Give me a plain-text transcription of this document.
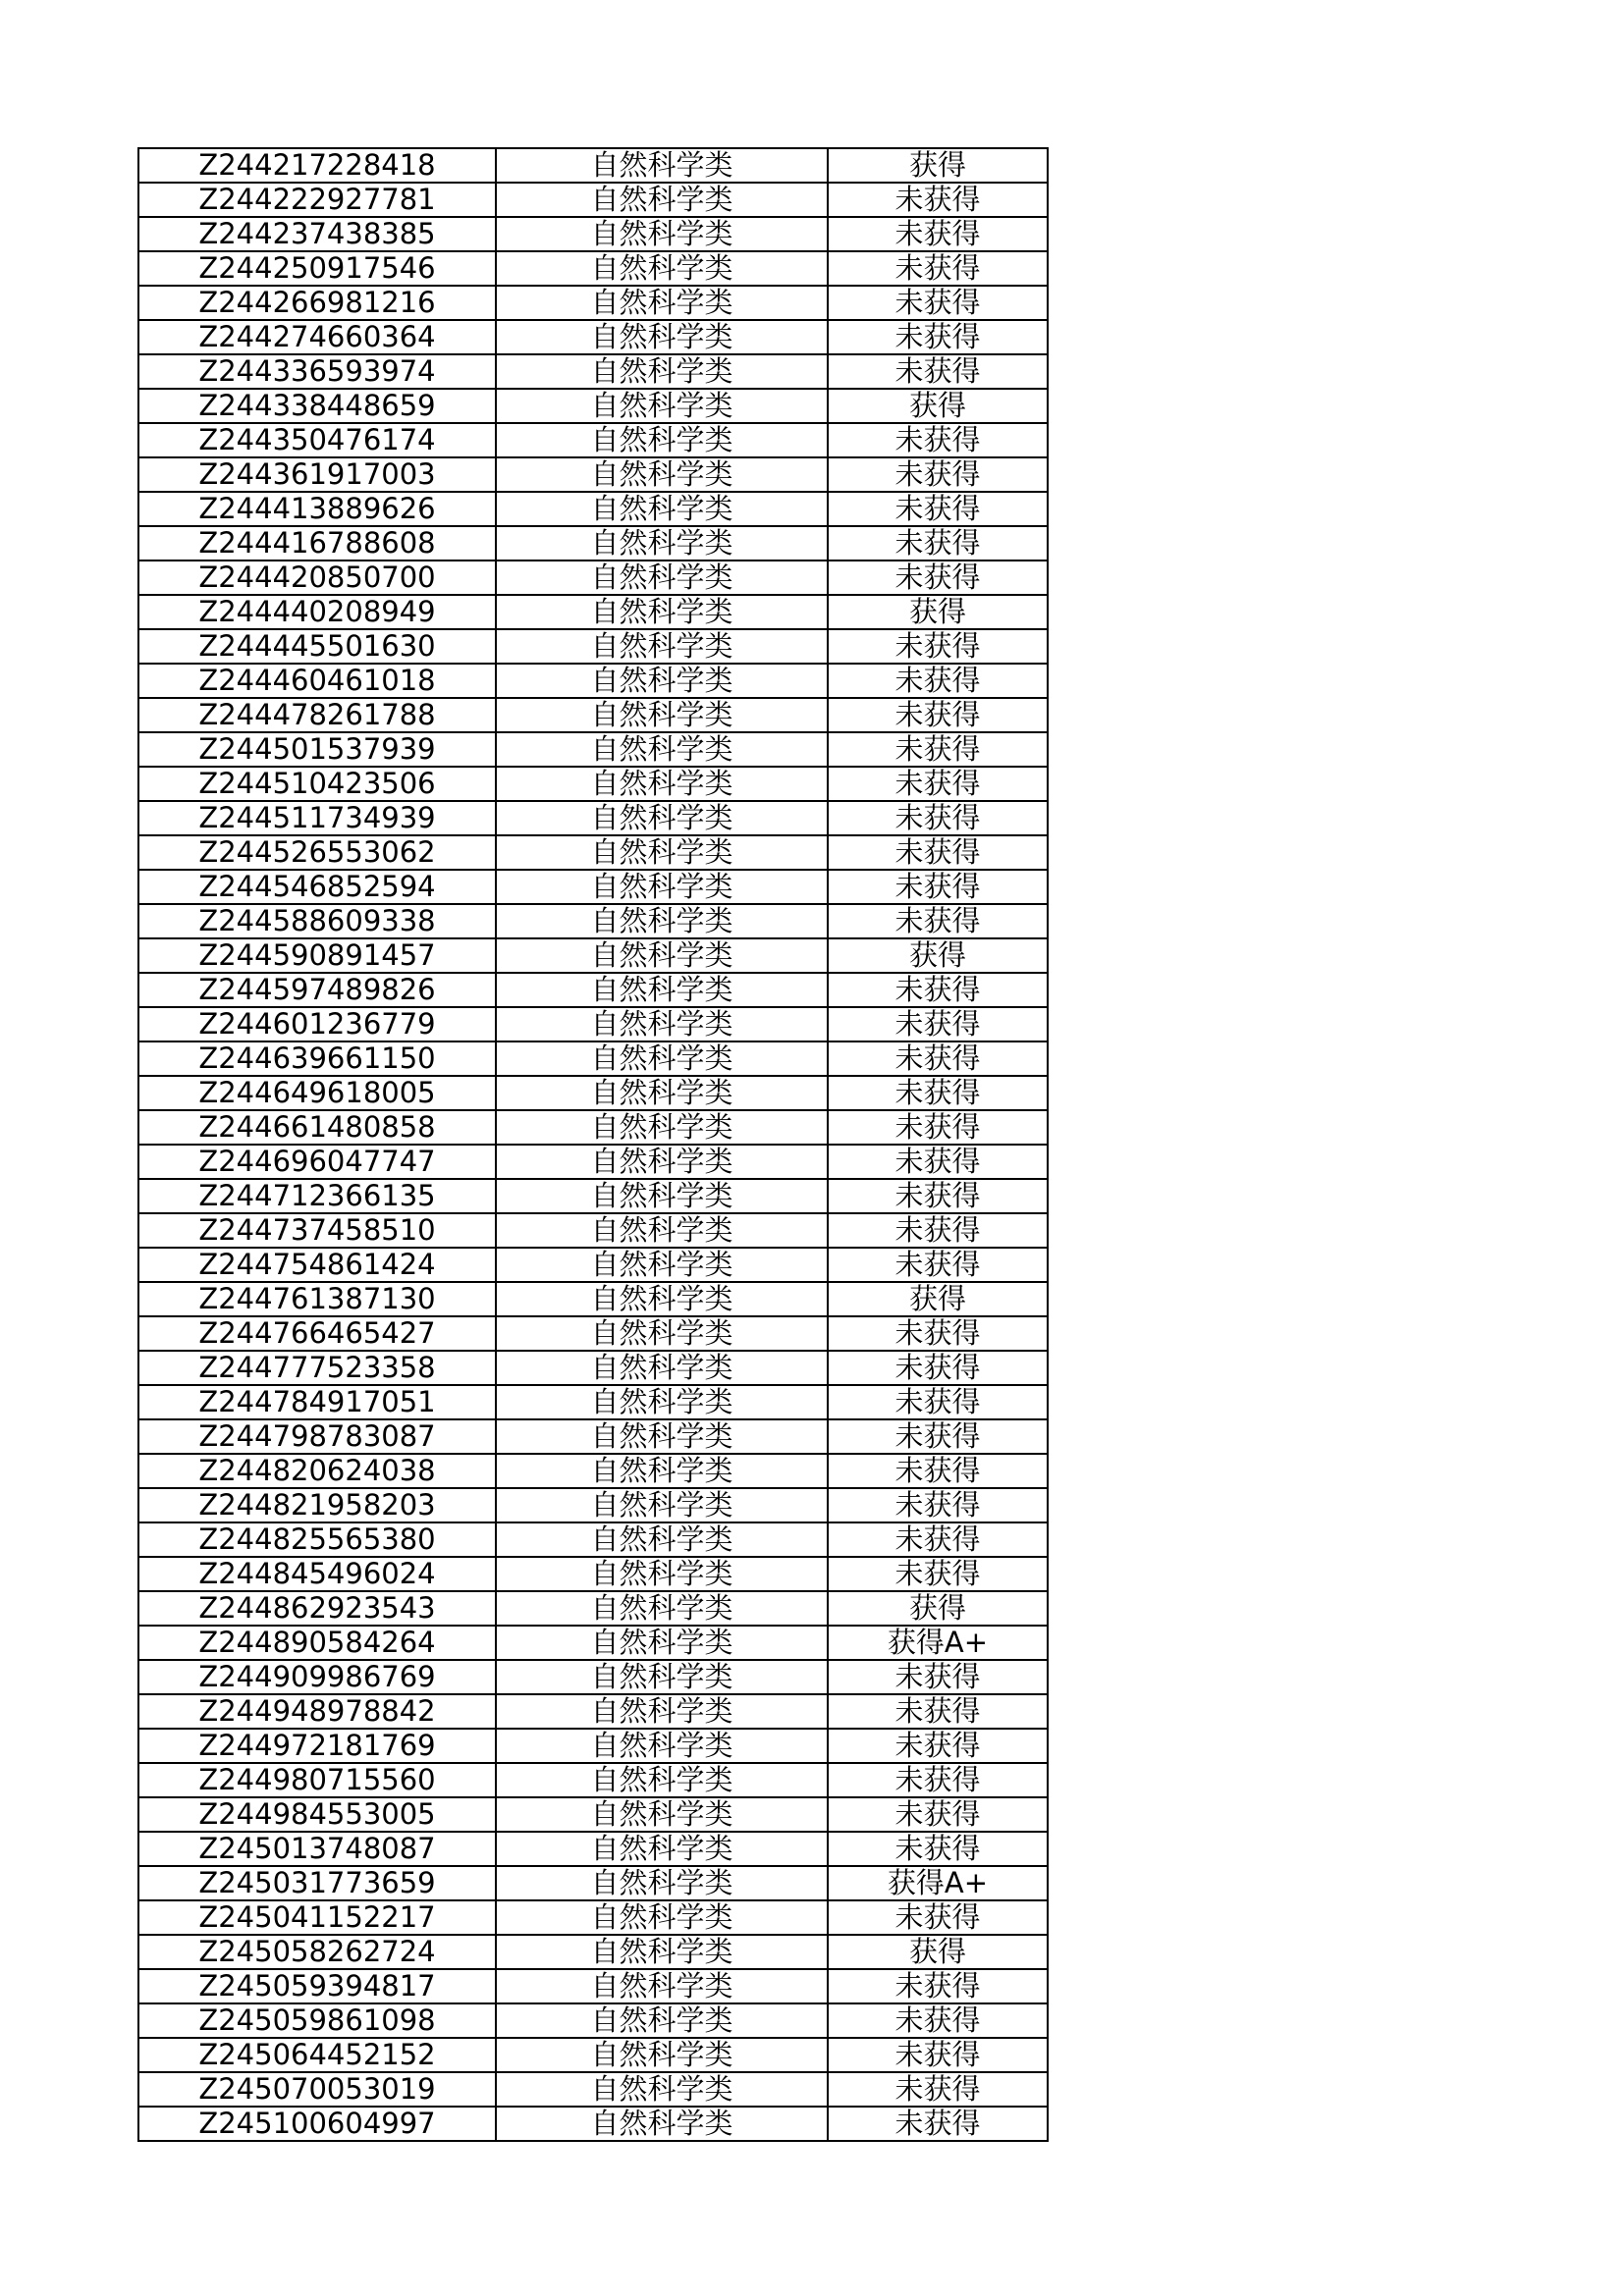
Z244217228418	自然科学类	获得
Z244222927781	自然科学类	未获得
Z244237438385	自然科学类	未获得
Z244250917546	自然科学类	未获得
Z244266981216	自然科学类	未获得
Z244274660364	自然科学类	未获得
Z244336593974	自然科学类	未获得
Z244338448659	自然科学类	获得
Z244350476174	自然科学类	未获得
Z244361917003	自然科学类	未获得
Z244413889626	自然科学类	未获得
Z244416788608	自然科学类	未获得
Z244420850700	自然科学类	未获得
Z244440208949	自然科学类	获得
Z244445501630	自然科学类	未获得
Z244460461018	自然科学类	未获得
Z244478261788	自然科学类	未获得
Z244501537939	自然科学类	未获得
Z244510423506	自然科学类	未获得
Z244511734939	自然科学类	未获得
Z244526553062	自然科学类	未获得
Z244546852594	自然科学类	未获得
Z244588609338	自然科学类	未获得
Z244590891457	自然科学类	获得
Z244597489826	自然科学类	未获得
Z244601236779	自然科学类	未获得
Z244639661150	自然科学类	未获得
Z244649618005	自然科学类	未获得
Z244661480858	自然科学类	未获得
Z244696047747	自然科学类	未获得
Z244712366135	自然科学类	未获得
Z244737458510	自然科学类	未获得
Z244754861424	自然科学类	未获得
Z244761387130	自然科学类	获得
Z244766465427	自然科学类	未获得
Z244777523358	自然科学类	未获得
Z244784917051	自然科学类	未获得
Z244798783087	自然科学类	未获得
Z244820624038	自然科学类	未获得
Z244821958203	自然科学类	未获得
Z244825565380	自然科学类	未获得
Z244845496024	自然科学类	未获得
Z244862923543	自然科学类	获得
Z244890584264	自然科学类	获得A+
Z244909986769	自然科学类	未获得
Z244948978842	自然科学类	未获得
Z244972181769	自然科学类	未获得
Z244980715560	自然科学类	未获得
Z244984553005	自然科学类	未获得
Z245013748087	自然科学类	未获得
Z245031773659	自然科学类	获得A+
Z245041152217	自然科学类	未获得
Z245058262724	自然科学类	获得
Z245059394817	自然科学类	未获得
Z245059861098	自然科学类	未获得
Z245064452152	自然科学类	未获得
Z245070053019	自然科学类	未获得
Z245100604997	自然科学类	未获得
